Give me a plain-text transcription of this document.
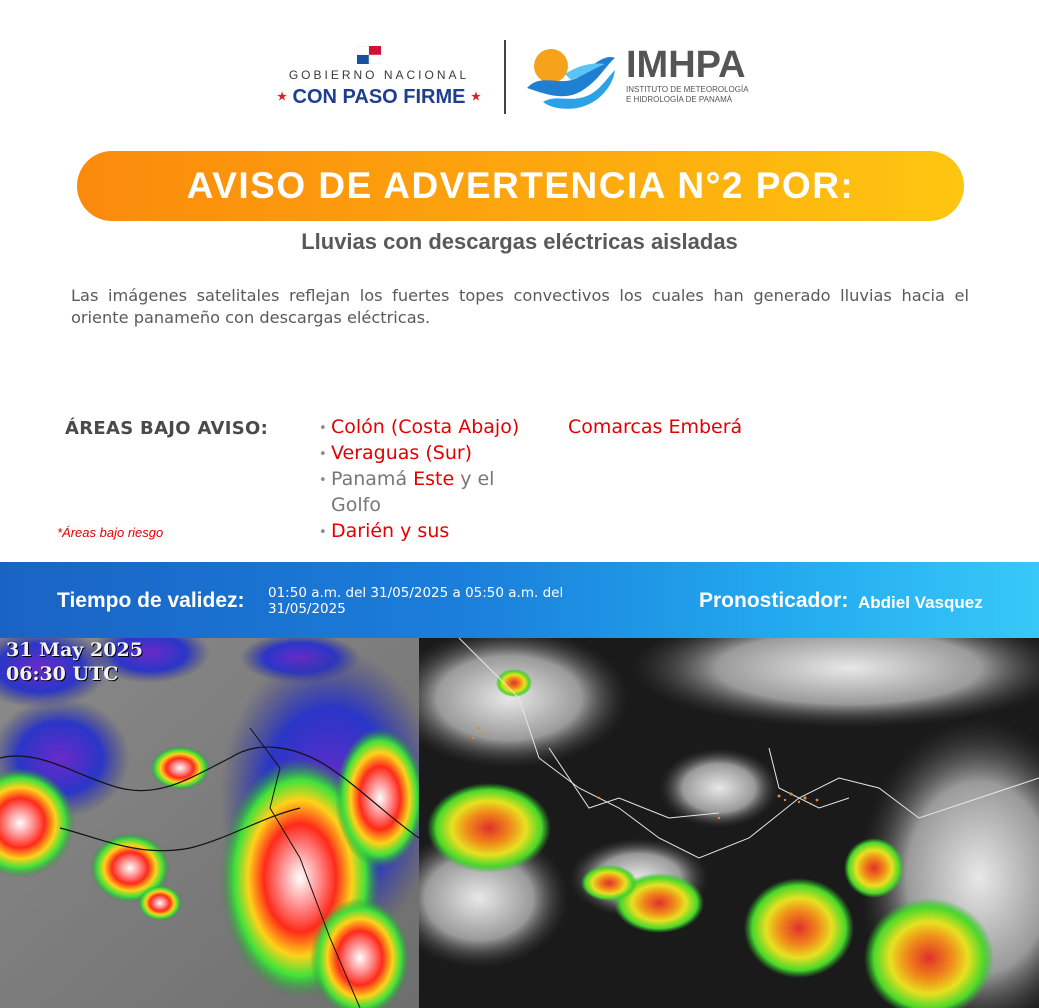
GOBIERNO NACIONAL
★ CON PASO FIRME ★
IMHPA
INSTITUTO DE METEOROLOGÍA
E HIDROLOGÍA DE PANAMÁ
AVISO DE ADVERTENCIA N°2 POR:
Lluvias con descargas eléctricas aisladas
Las imágenes satelitales reflejan los fuertes topes convectivos los cuales han generado lluvias hacia el oriente panameño con descargas eléctricas.
ÁREAS BAJO AVISO:
*Áreas bajo riesgo
• Colón (Costa Abajo)	Comarcas Emberá
• Veraguas (Sur)
• Panamá Este y el
Golfo
• Darién y sus
Tiempo de validez: 01:50 a.m. del 31/05/2025 a 05:50 a.m. del 31/05/2025	Pronosticador: Abdiel Vasquez
31 May 2025
06:30 UTC
